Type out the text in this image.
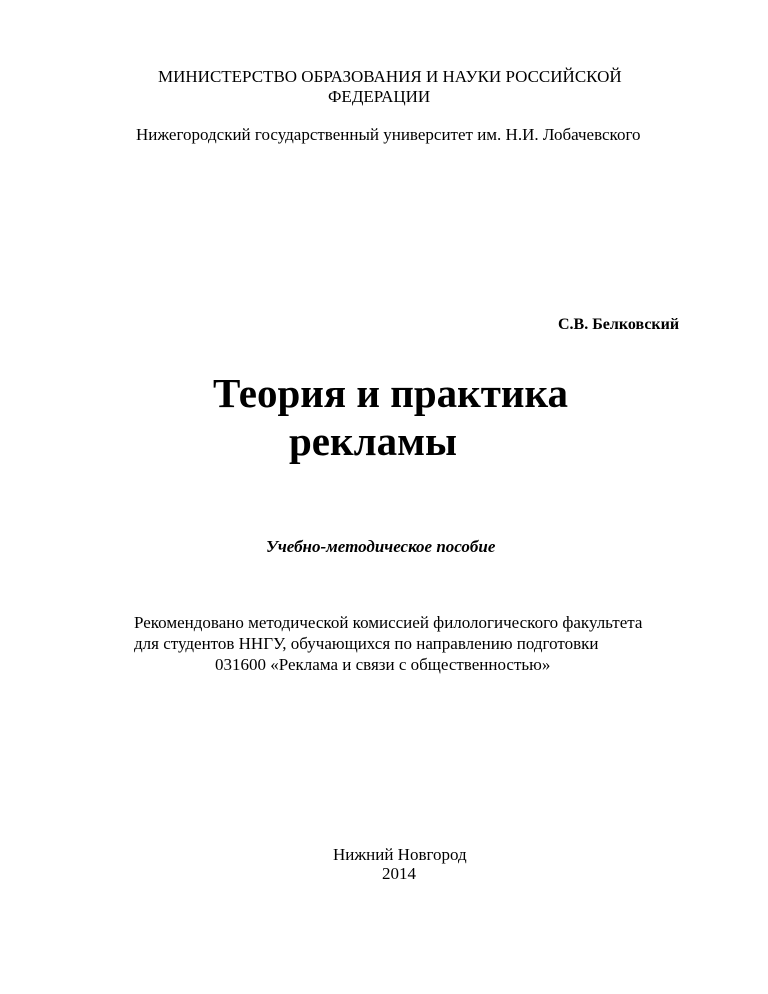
МИНИСТЕРСТВО ОБРАЗОВАНИЯ И НАУКИ РОССИЙСКОЙ
ФЕДЕРАЦИИ
Нижегородский государственный университет им. Н.И. Лобачевского
С.В. Белковский
Теория и практика
рекламы
Учебно-методическое пособие
Рекомендовано методической комиссией филологического факультета
для студентов ННГУ, обучающихся по направлению подготовки
031600 «Реклама и связи с общественностью»
Нижний Новгород
2014
